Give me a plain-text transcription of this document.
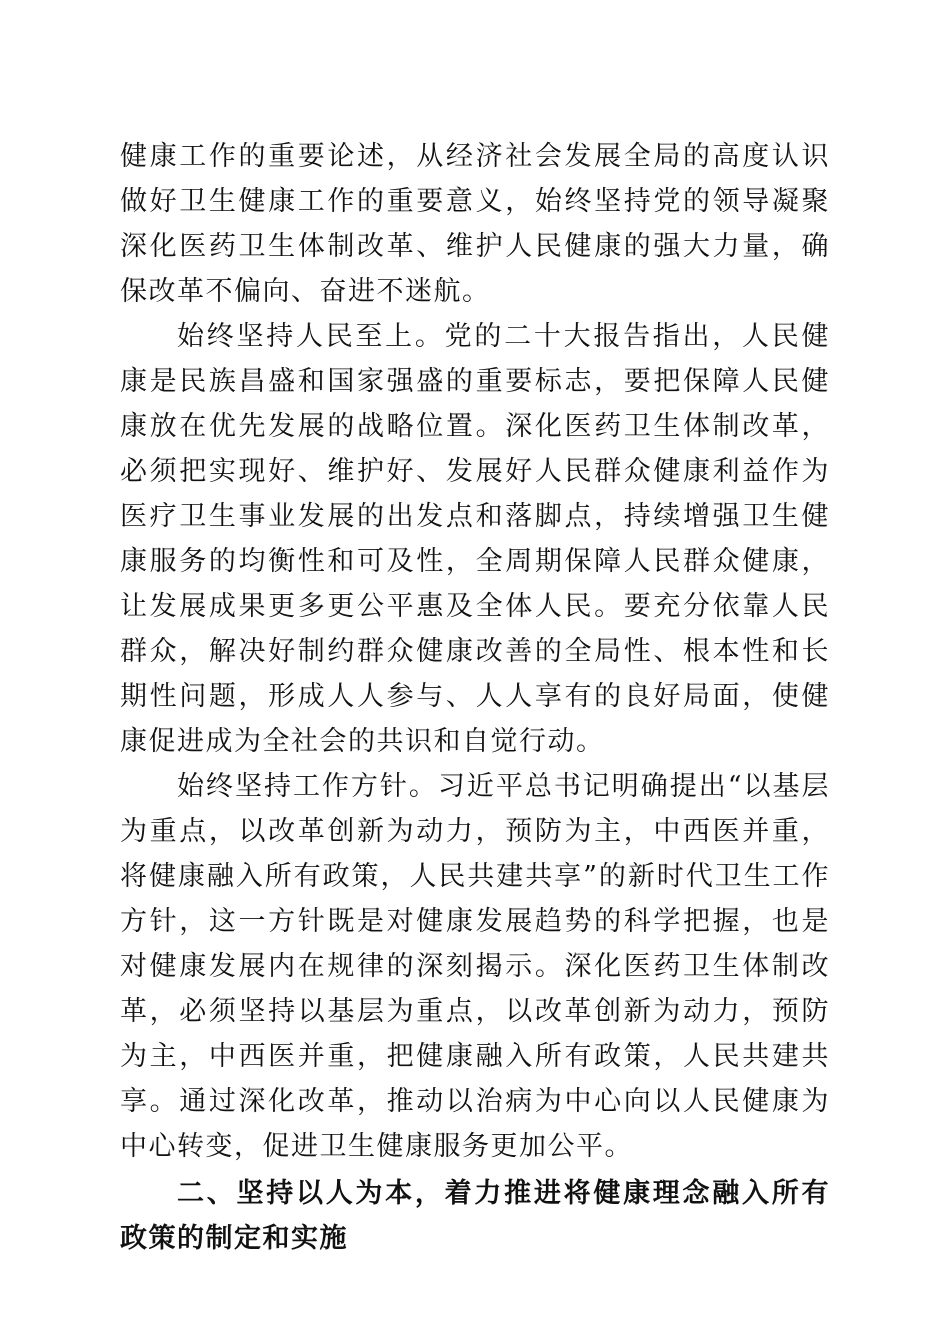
健康工作的重要论述，从经济社会发展全局的高度认识做好卫生健康工作的重要意义，始终坚持党的领导凝聚深化医药卫生体制改革、维护人民健康的强大力量，确保改革不偏向、奋进不迷航。

始终坚持人民至上。党的二十大报告指出，人民健康是民族昌盛和国家强盛的重要标志，要把保障人民健康放在优先发展的战略位置。深化医药卫生体制改革，必须把实现好、维护好、发展好人民群众健康利益作为医疗卫生事业发展的出发点和落脚点，持续增强卫生健康服务的均衡性和可及性，全周期保障人民群众健康，让发展成果更多更公平惠及全体人民。要充分依靠人民群众，解决好制约群众健康改善的全局性、根本性和长期性问题，形成人人参与、人人享有的良好局面，使健康促进成为全社会的共识和自觉行动。

始终坚持工作方针。习近平总书记明确提出“以基层为重点，以改革创新为动力，预防为主，中西医并重，将健康融入所有政策，人民共建共享”的新时代卫生工作方针，这一方针既是对健康发展趋势的科学把握，也是对健康发展内在规律的深刻揭示。深化医药卫生体制改革，必须坚持以基层为重点，以改革创新为动力，预防为主，中西医并重，把健康融入所有政策，人民共建共享。通过深化改革，推动以治病为中心向以人民健康为中心转变，促进卫生健康服务更加公平。

二、坚持以人为本，着力推进将健康理念融入所有政策的制定和实施
